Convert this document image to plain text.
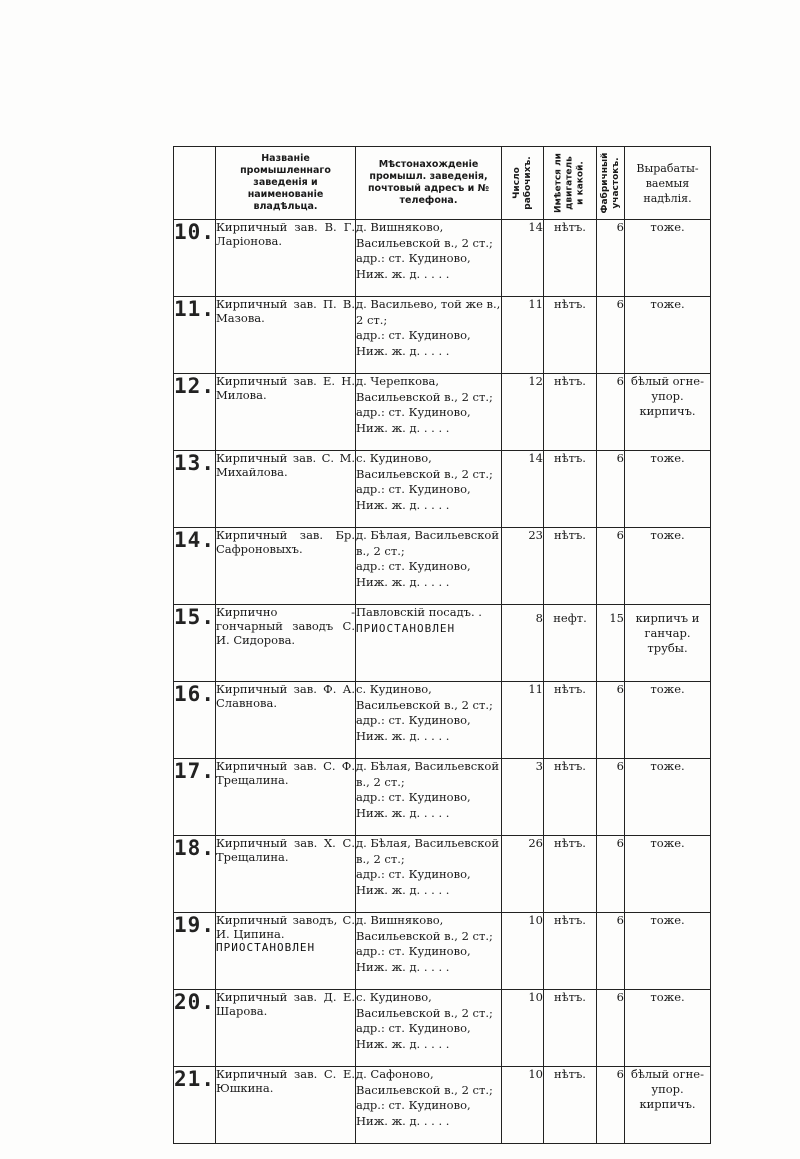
	Названіе промышленнаго заведенія и наименованіе владѣльца.	Мѣстонахожденіе промышл. заведенія, почтовый адресъ и № телефона.	Число
рабочихъ.	Имѣется ли
двигатель
и какой.	Фабричный
участокъ.	Вырабаты-
ваемыя
надѣлія.
10.	Кирпичный зав. В. Г. Ларіонова.	д. Вишняково, Васильевской в., 2 ст.;
адр.: ст. Кудиново,
Ниж. ж. д. . . . .	14	нѣтъ.	6	тоже.
11.	Кирпичный зав. П. В. Мазова.	д. Васильево, той же в., 2 ст.;
адр.: ст. Кудиново,
Ниж. ж. д. . . . .	11	нѣтъ.	6	тоже.
12.	Кирпичный зав. Е. Н. Милова.	д. Черепкова, Васильевской в., 2 ст.;
адр.: ст. Кудиново,
Ниж. ж. д. . . . .	12	нѣтъ.	6	бѣлый огне-
упор. кирпичъ.
13.	Кирпичный зав. С. М. Михайлова.	с. Кудиново, Васильевской в., 2 ст.;
адр.: ст. Кудиново,
Ниж. ж. д. . . . .	14	нѣтъ.	6	тоже.
14.	Кирпичный зав. Бр. Сафроновыхъ.	д. Бѣлая, Васильевской в., 2 ст.;
адр.: ст. Кудиново,
Ниж. ж. д. . . . .	23	нѣтъ.	6	тоже.
15.	Кирпично - гончарный заводъ С. И. Сидорова.	Павловскій посадъ. .
ПРИОСТАНОВЛЕН	8	нефт.	15	кирпичъ и
ганчар. трубы.
16.	Кирпичный зав. Ф. А. Славнова.	с. Кудиново, Васильевской в., 2 ст.;
адр.: ст. Кудиново,
Ниж. ж. д. . . . .	11	нѣтъ.	6	тоже.
17.	Кирпичный зав. С. Ф. Трещалина.	д. Бѣлая, Васильевской в., 2 ст.;
адр.: ст. Кудиново,
Ниж. ж. д. . . . .	3	нѣтъ.	6	тоже.
18.	Кирпичный зав. Х. С. Трещалина.	д. Бѣлая, Васильевской в., 2 ст.;
адр.: ст. Кудиново,
Ниж. ж. д. . . . .	26	нѣтъ.	6	тоже.
19.	Кирпичный заводъ, С. И. Ципина.
ПРИОСТАНОВЛЕН	д. Вишняково, Васильевской в., 2 ст.;
адр.: ст. Кудиново,
Ниж. ж. д. . . . .	10	нѣтъ.	6	тоже.
20.	Кирпичный зав. Д. Е. Шарова.	с. Кудиново, Васильевской в., 2 ст.;
адр.: ст. Кудиново,
Ниж. ж. д. . . . .	10	нѣтъ.	6	тоже.
21.	Кирпичный зав. С. Е. Юшкина.	д. Сафоново, Васильевской в., 2 ст.;
адр.: ст. Кудиново,
Ниж. ж. д. . . . .	10	нѣтъ.	6	бѣлый огне-
упор. кирпичъ.
